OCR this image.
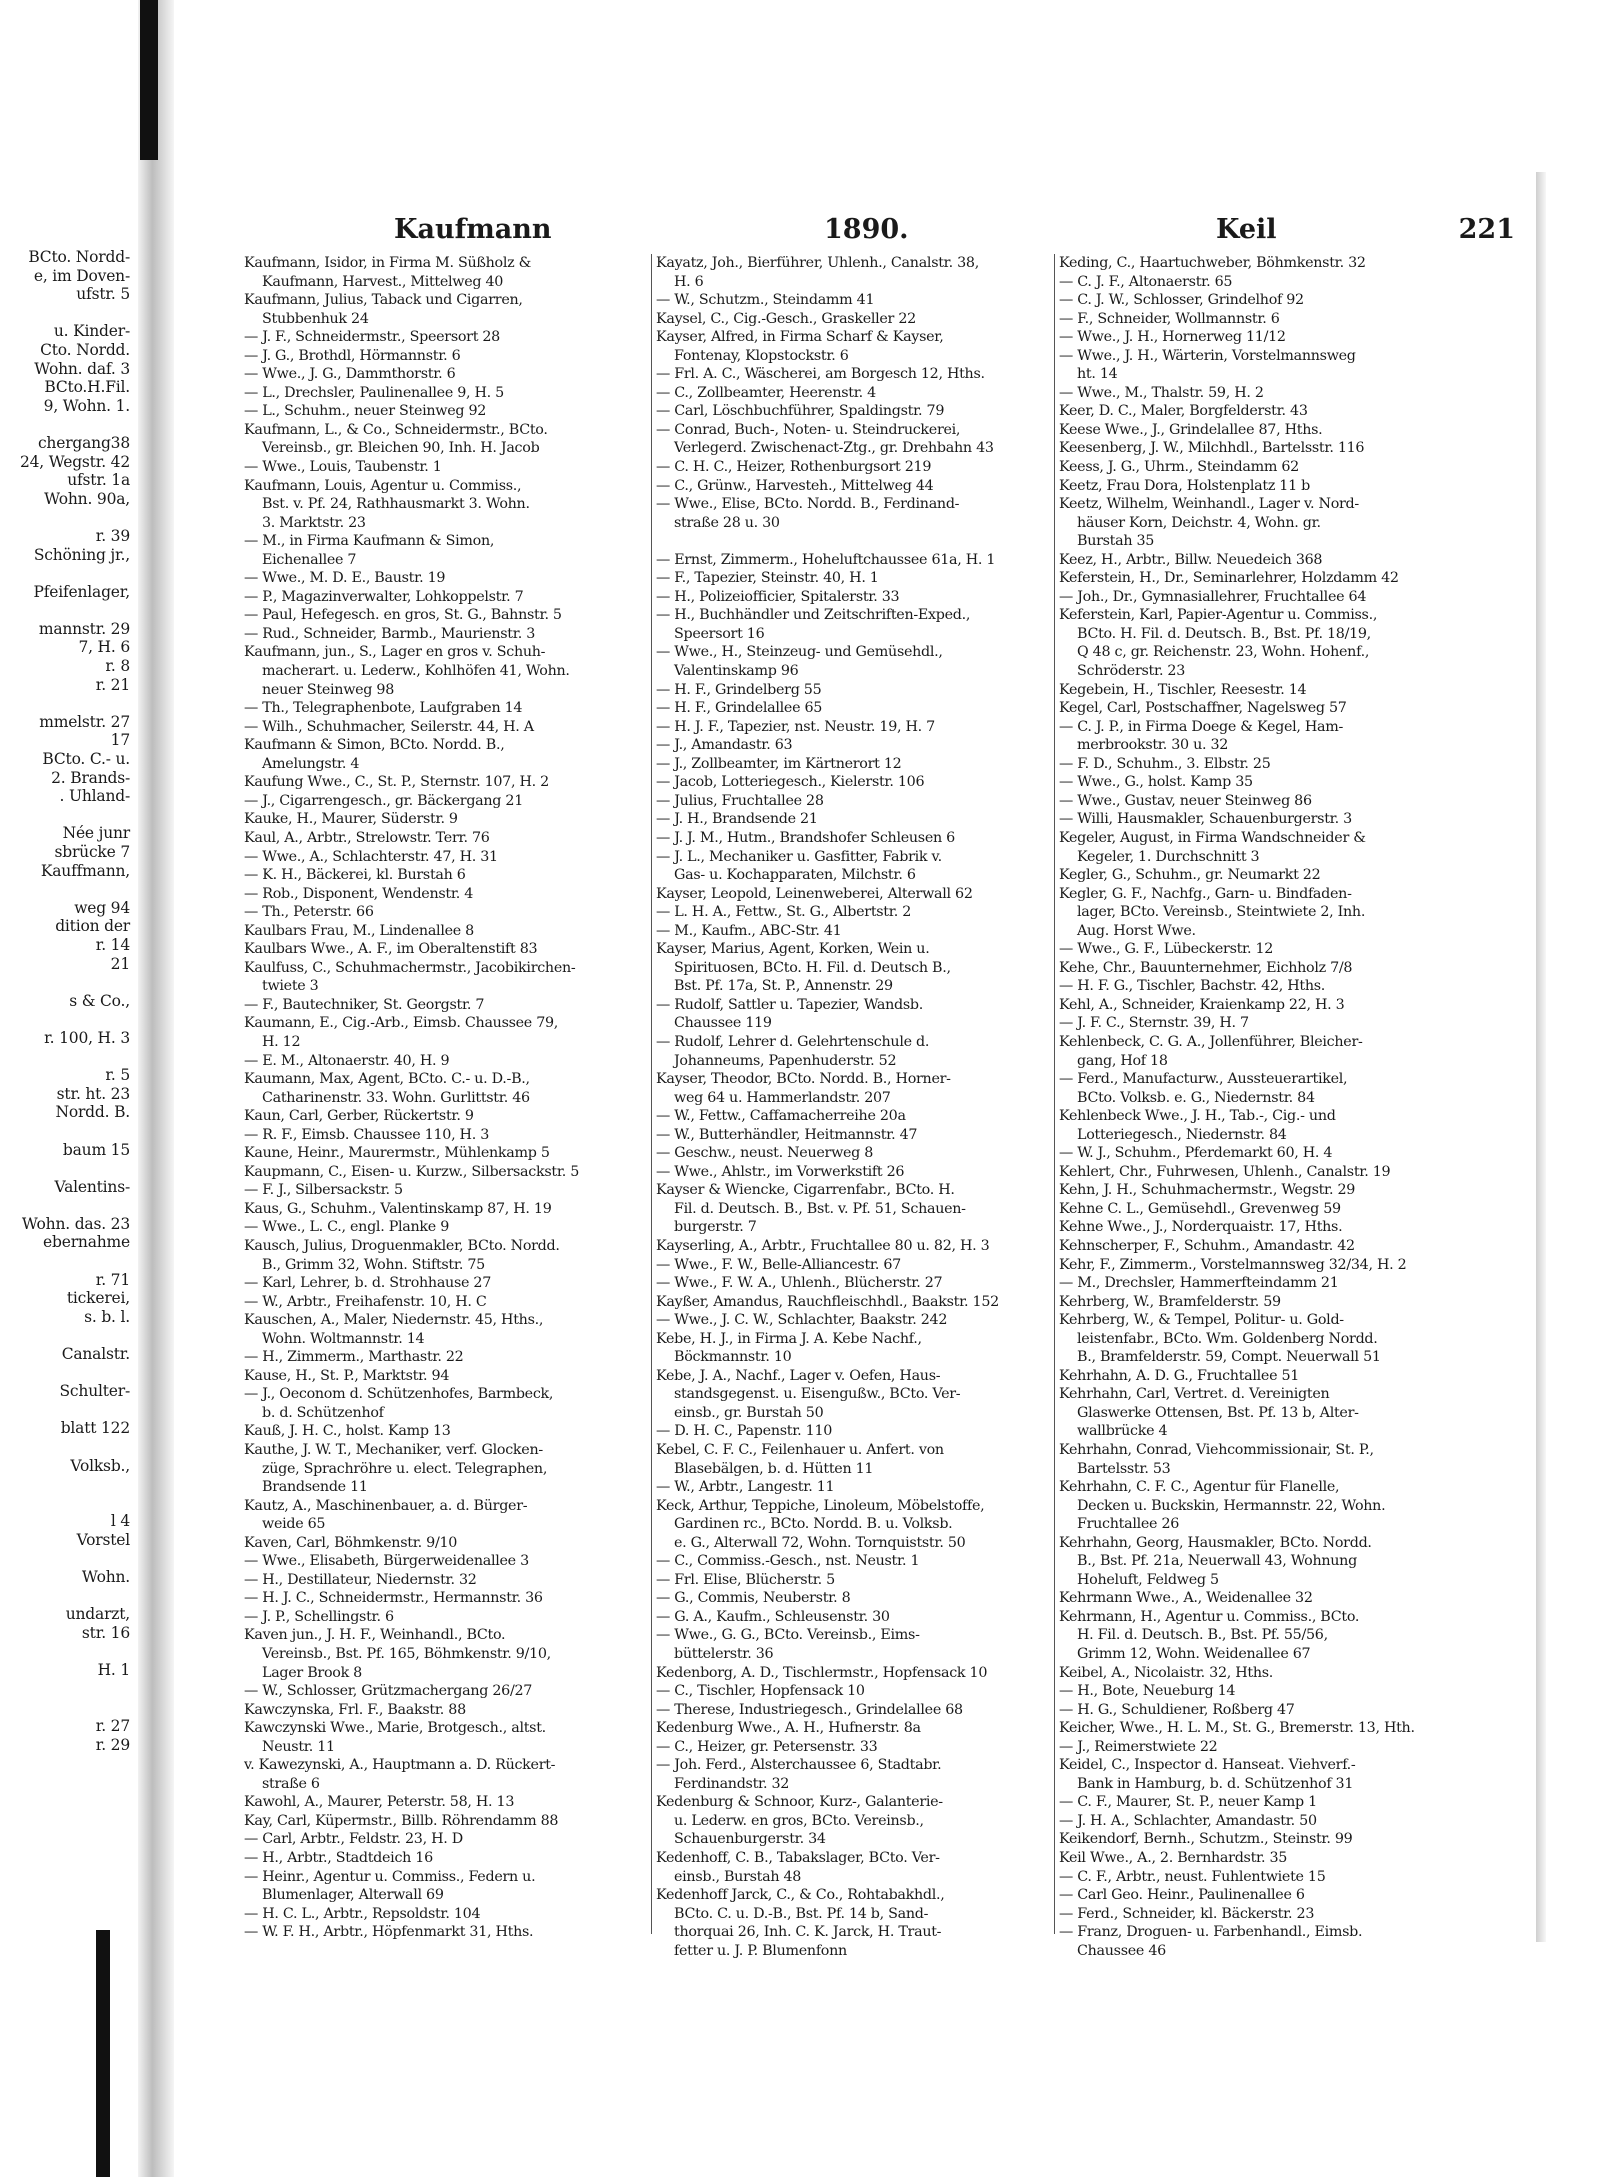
BCto. Nordd-
e, im Doven-
ufstr. 5

u. Kinder-
Cto. Nordd.
Wohn. daf. 3
BCto.H.Fil.
9, Wohn. 1.

chergang38
24, Wegstr. 42
ufstr. 1a
Wohn. 90a,

r. 39
Schöning jr.,

Pfeifenlager,

mannstr. 29
7, H. 6
r. 8
r. 21

mmelstr. 27
17
BCto. C.- u.
2. Brands-
. Uhland-

Née junr
sbrücke 7
Kauffmann,

weg 94
dition der
r. 14
21

s & Co.,

r. 100, H. 3

r. 5
str. ht. 23
Nordd. B.

baum 15

Valentins-

Wohn. das. 23
ebernahme

r. 71
tickerei,
s. b. l.

Canalstr.

Schulter-

blatt 122

Volksb.,

l 4
Vorstel

Wohn.

undarzt,
str. 16

H. 1

r. 27
r. 29
Kaufmann	1890.	Keil	221
Kaufmann, Isidor, in Firma M. Süßholz &
Kaufmann, Harvest., Mittelweg 40
Kaufmann, Julius, Taback und Cigarren,
Stubbenhuk 24
— J. F., Schneidermstr., Speersort 28
— J. G., Brothdl, Hörmannstr. 6
— Wwe., J. G., Dammthorstr. 6
— L., Drechsler, Paulinenallee 9, H. 5
— L., Schuhm., neuer Steinweg 92
Kaufmann, L., & Co., Schneidermstr., BCto.
Vereinsb., gr. Bleichen 90, Inh. H. Jacob
— Wwe., Louis, Taubenstr. 1
Kaufmann, Louis, Agentur u. Commiss.,
Bst. v. Pf. 24, Rathhausmarkt 3. Wohn.
3. Marktstr. 23
— M., in Firma Kaufmann & Simon,
Eichenallee 7
— Wwe., M. D. E., Baustr. 19
— P., Magazinverwalter, Lohkoppelstr. 7
— Paul, Hefegesch. en gros, St. G., Bahnstr. 5
— Rud., Schneider, Barmb., Maurienstr. 3
Kaufmann, jun., S., Lager en gros v. Schuh-
macherart. u. Lederw., Kohlhöfen 41, Wohn.
neuer Steinweg 98
— Th., Telegraphenbote, Laufgraben 14
— Wilh., Schuhmacher, Seilerstr. 44, H. A
Kaufmann & Simon, BCto. Nordd. B.,
Amelungstr. 4
Kaufung Wwe., C., St. P., Sternstr. 107, H. 2
— J., Cigarrengesch., gr. Bäckergang 21
Kauke, H., Maurer, Süderstr. 9
Kaul, A., Arbtr., Strelowstr. Terr. 76
— Wwe., A., Schlachterstr. 47, H. 31
— K. H., Bäckerei, kl. Burstah 6
— Rob., Disponent, Wendenstr. 4
— Th., Peterstr. 66
Kaulbars Frau, M., Lindenallee 8
Kaulbars Wwe., A. F., im Oberaltenstift 83
Kaulfuss, C., Schuhmachermstr., Jacobikirchen-
twiete 3
— F., Bautechniker, St. Georgstr. 7
Kaumann, E., Cig.-Arb., Eimsb. Chaussee 79,
H. 12
— E. M., Altonaerstr. 40, H. 9
Kaumann, Max, Agent, BCto. C.- u. D.-B.,
Catharinenstr. 33. Wohn. Gurlittstr. 46
Kaun, Carl, Gerber, Rückertstr. 9
— R. F., Eimsb. Chaussee 110, H. 3
Kaune, Heinr., Maurermstr., Mühlenkamp 5
Kaupmann, C., Eisen- u. Kurzw., Silbersackstr. 5
— F. J., Silbersackstr. 5
Kaus, G., Schuhm., Valentinskamp 87, H. 19
— Wwe., L. C., engl. Planke 9
Kausch, Julius, Droguenmakler, BCto. Nordd.
B., Grimm 32, Wohn. Stiftstr. 75
— Karl, Lehrer, b. d. Strohhause 27
— W., Arbtr., Freihafenstr. 10, H. C
Kauschen, A., Maler, Niedernstr. 45, Hths.,
Wohn. Woltmannstr. 14
— H., Zimmerm., Marthastr. 22
Kause, H., St. P., Marktstr. 94
— J., Oeconom d. Schützenhofes, Barmbeck,
b. d. Schützenhof
Kauß, J. H. C., holst. Kamp 13
Kauthe, J. W. T., Mechaniker, verf. Glocken-
züge, Sprachröhre u. elect. Telegraphen,
Brandsende 11
Kautz, A., Maschinenbauer, a. d. Bürger-
weide 65
Kaven, Carl, Böhmkenstr. 9/10
— Wwe., Elisabeth, Bürgerweidenallee 3
— H., Destillateur, Niedernstr. 32
— H. J. C., Schneidermstr., Hermannstr. 36
— J. P., Schellingstr. 6
Kaven jun., J. H. F., Weinhandl., BCto.
Vereinsb., Bst. Pf. 165, Böhmkenstr. 9/10,
Lager Brook 8
— W., Schlosser, Grützmachergang 26/27
Kawczynska, Frl. F., Baakstr. 88
Kawczynski Wwe., Marie, Brotgesch., altst.
Neustr. 11
v. Kawezynski, A., Hauptmann a. D. Rückert-
straße 6
Kawohl, A., Maurer, Peterstr. 58, H. 13
Kay, Carl, Küpermstr., Billb. Röhrendamm 88
— Carl, Arbtr., Feldstr. 23, H. D
— H., Arbtr., Stadtdeich 16
— Heinr., Agentur u. Commiss., Federn u.
Blumenlager, Alterwall 69
— H. C. L., Arbtr., Repsoldstr. 104
— W. F. H., Arbtr., Höpfenmarkt 31, Hths.
Kayatz, Joh., Bierführer, Uhlenh., Canalstr. 38,
H. 6
— W., Schutzm., Steindamm 41
Kaysel, C., Cig.-Gesch., Graskeller 22
Kayser, Alfred, in Firma Scharf & Kayser,
Fontenay, Klopstockstr. 6
— Frl. A. C., Wäscherei, am Borgesch 12, Hths.
— C., Zollbeamter, Heerenstr. 4
— Carl, Löschbuchführer, Spaldingstr. 79
— Conrad, Buch-, Noten- u. Steindruckerei,
Verlegerd. Zwischenact-Ztg., gr. Drehbahn 43
— C. H. C., Heizer, Rothenburgsort 219
— C., Grünw., Harvesteh., Mittelweg 44
— Wwe., Elise, BCto. Nordd. B., Ferdinand-
straße 28 u. 30

— Ernst, Zimmerm., Hoheluftchaussee 61a, H. 1
— F., Tapezier, Steinstr. 40, H. 1
— H., Polizeiofficier, Spitalerstr. 33
— H., Buchhändler und Zeitschriften-Exped.,
Speersort 16
— Wwe., H., Steinzeug- und Gemüsehdl.,
Valentinskamp 96
— H. F., Grindelberg 55
— H. F., Grindelallee 65
— H. J. F., Tapezier, nst. Neustr. 19, H. 7
— J., Amandastr. 63
— J., Zollbeamter, im Kärtnerort 12
— Jacob, Lotteriegesch., Kielerstr. 106
— Julius, Fruchtallee 28
— J. H., Brandsende 21
— J. J. M., Hutm., Brandshofer Schleusen 6
— J. L., Mechaniker u. Gasfitter, Fabrik v.
Gas- u. Kochapparaten, Milchstr. 6
Kayser, Leopold, Leinenweberei, Alterwall 62
— L. H. A., Fettw., St. G., Albertstr. 2
— M., Kaufm., ABC-Str. 41
Kayser, Marius, Agent, Korken, Wein u.
Spirituosen, BCto. H. Fil. d. Deutsch B.,
Bst. Pf. 17a, St. P., Annenstr. 29
— Rudolf, Sattler u. Tapezier, Wandsb.
Chaussee 119
— Rudolf, Lehrer d. Gelehrtenschule d.
Johanneums, Papenhuderstr. 52
Kayser, Theodor, BCto. Nordd. B., Horner-
weg 64 u. Hammerlandstr. 207
— W., Fettw., Caffamacherreihe 20a
— W., Butterhändler, Heitmannstr. 47
— Geschw., neust. Neuerweg 8
— Wwe., Ahlstr., im Vorwerkstift 26
Kayser & Wiencke, Cigarrenfabr., BCto. H.
Fil. d. Deutsch. B., Bst. v. Pf. 51, Schauen-
burgerstr. 7
Kayserling, A., Arbtr., Fruchtallee 80 u. 82, H. 3
— Wwe., F. W., Belle-Alliancestr. 67
— Wwe., F. W. A., Uhlenh., Blücherstr. 27
Kayßer, Amandus, Rauchfleischhdl., Baakstr. 152
— Wwe., J. C. W., Schlachter, Baakstr. 242
Kebe, H. J., in Firma J. A. Kebe Nachf.,
Böckmannstr. 10
Kebe, J. A., Nachf., Lager v. Oefen, Haus-
standsgegenst. u. Eisengußw., BCto. Ver-
einsb., gr. Burstah 50
— D. H. C., Papenstr. 110
Kebel, C. F. C., Feilenhauer u. Anfert. von
Blasebälgen, b. d. Hütten 11
— W., Arbtr., Langestr. 11
Keck, Arthur, Teppiche, Linoleum, Möbelstoffe,
Gardinen rc., BCto. Nordd. B. u. Volksb.
e. G., Alterwall 72, Wohn. Tornquiststr. 50
— C., Commiss.-Gesch., nst. Neustr. 1
— Frl. Elise, Blücherstr. 5
— G., Commis, Neuberstr. 8
— G. A., Kaufm., Schleusenstr. 30
— Wwe., G. G., BCto. Vereinsb., Eims-
büttelerstr. 36
Kedenborg, A. D., Tischlermstr., Hopfensack 10
— C., Tischler, Hopfensack 10
— Therese, Industriegesch., Grindelallee 68
Kedenburg Wwe., A. H., Hufnerstr. 8a
— C., Heizer, gr. Petersenstr. 33
— Joh. Ferd., Alsterchaussee 6, Stadtabr.
Ferdinandstr. 32
Kedenburg & Schnoor, Kurz-, Galanterie-
u. Lederw. en gros, BCto. Vereinsb.,
Schauenburgerstr. 34
Kedenhoff, C. B., Tabakslager, BCto. Ver-
einsb., Burstah 48
Kedenhoff Jarck, C., & Co., Rohtabakhdl.,
BCto. C. u. D.-B., Bst. Pf. 14 b, Sand-
thorquai 26, Inh. C. K. Jarck, H. Traut-
fetter u. J. P. Blumenfonn
Keding, C., Haartuchweber, Böhmkenstr. 32
— C. J. F., Altonaerstr. 65
— C. J. W., Schlosser, Grindelhof 92
— F., Schneider, Wollmannstr. 6
— Wwe., J. H., Hornerweg 11/12
— Wwe., J. H., Wärterin, Vorstelmannsweg
ht. 14
— Wwe., M., Thalstr. 59, H. 2
Keer, D. C., Maler, Borgfelderstr. 43
Keese Wwe., J., Grindelallee 87, Hths.
Keesenberg, J. W., Milchhdl., Bartelsstr. 116
Keess, J. G., Uhrm., Steindamm 62
Keetz, Frau Dora, Holstenplatz 11 b
Keetz, Wilhelm, Weinhandl., Lager v. Nord-
häuser Korn, Deichstr. 4, Wohn. gr.
Burstah 35
Keez, H., Arbtr., Billw. Neuedeich 368
Keferstein, H., Dr., Seminarlehrer, Holzdamm 42
— Joh., Dr., Gymnasiallehrer, Fruchtallee 64
Keferstein, Karl, Papier-Agentur u. Commiss.,
BCto. H. Fil. d. Deutsch. B., Bst. Pf. 18/19,
Q 48 c, gr. Reichenstr. 23, Wohn. Hohenf.,
Schröderstr. 23
Kegebein, H., Tischler, Reesestr. 14
Kegel, Carl, Postschaffner, Nagelsweg 57
— C. J. P., in Firma Doege & Kegel, Ham-
merbrookstr. 30 u. 32
— F. D., Schuhm., 3. Elbstr. 25
— Wwe., G., holst. Kamp 35
— Wwe., Gustav, neuer Steinweg 86
— Willi, Hausmakler, Schauenburgerstr. 3
Kegeler, August, in Firma Wandschneider &
Kegeler, 1. Durchschnitt 3
Kegler, G., Schuhm., gr. Neumarkt 22
Kegler, G. F., Nachfg., Garn- u. Bindfaden-
lager, BCto. Vereinsb., Steintwiete 2, Inh.
Aug. Horst Wwe.
— Wwe., G. F., Lübeckerstr. 12
Kehe, Chr., Bauunternehmer, Eichholz 7/8
— H. F. G., Tischler, Bachstr. 42, Hths.
Kehl, A., Schneider, Kraienkamp 22, H. 3
— J. F. C., Sternstr. 39, H. 7
Kehlenbeck, C. G. A., Jollenführer, Bleicher-
gang, Hof 18
— Ferd., Manufacturw., Aussteuerartikel,
BCto. Volksb. e. G., Niedernstr. 84
Kehlenbeck Wwe., J. H., Tab.-, Cig.- und
Lotteriegesch., Niedernstr. 84
— W. J., Schuhm., Pferdemarkt 60, H. 4
Kehlert, Chr., Fuhrwesen, Uhlenh., Canalstr. 19
Kehn, J. H., Schuhmachermstr., Wegstr. 29
Kehne C. L., Gemüsehdl., Grevenweg 59
Kehne Wwe., J., Norderquaistr. 17, Hths.
Kehnscherper, F., Schuhm., Amandastr. 42
Kehr, F., Zimmerm., Vorstelmannsweg 32/34, H. 2
— M., Drechsler, Hammerfteindamm 21
Kehrberg, W., Bramfelderstr. 59
Kehrberg, W., & Tempel, Politur- u. Gold-
leistenfabr., BCto. Wm. Goldenberg Nordd.
B., Bramfelderstr. 59, Compt. Neuerwall 51
Kehrhahn, A. D. G., Fruchtallee 51
Kehrhahn, Carl, Vertret. d. Vereinigten
Glaswerke Ottensen, Bst. Pf. 13 b, Alter-
wallbrücke 4
Kehrhahn, Conrad, Viehcommissionair, St. P.,
Bartelsstr. 53
Kehrhahn, C. F. C., Agentur für Flanelle,
Decken u. Buckskin, Hermannstr. 22, Wohn.
Fruchtallee 26
Kehrhahn, Georg, Hausmakler, BCto. Nordd.
B., Bst. Pf. 21a, Neuerwall 43, Wohnung
Hoheluft, Feldweg 5
Kehrmann Wwe., A., Weidenallee 32
Kehrmann, H., Agentur u. Commiss., BCto.
H. Fil. d. Deutsch. B., Bst. Pf. 55/56,
Grimm 12, Wohn. Weidenallee 67
Keibel, A., Nicolaistr. 32, Hths.
— H., Bote, Neueburg 14
— H. G., Schuldiener, Roßberg 47
Keicher, Wwe., H. L. M., St. G., Bremerstr. 13, Hth.
— J., Reimerstwiete 22
Keidel, C., Inspector d. Hanseat. Viehverf.-
Bank in Hamburg, b. d. Schützenhof 31
— C. F., Maurer, St. P., neuer Kamp 1
— J. H. A., Schlachter, Amandastr. 50
Keikendorf, Bernh., Schutzm., Steinstr. 99
Keil Wwe., A., 2. Bernhardstr. 35
— C. F., Arbtr., neust. Fuhlentwiete 15
— Carl Geo. Heinr., Paulinenallee 6
— Ferd., Schneider, kl. Bäckerstr. 23
— Franz, Droguen- u. Farbenhandl., Eimsb.
Chaussee 46
